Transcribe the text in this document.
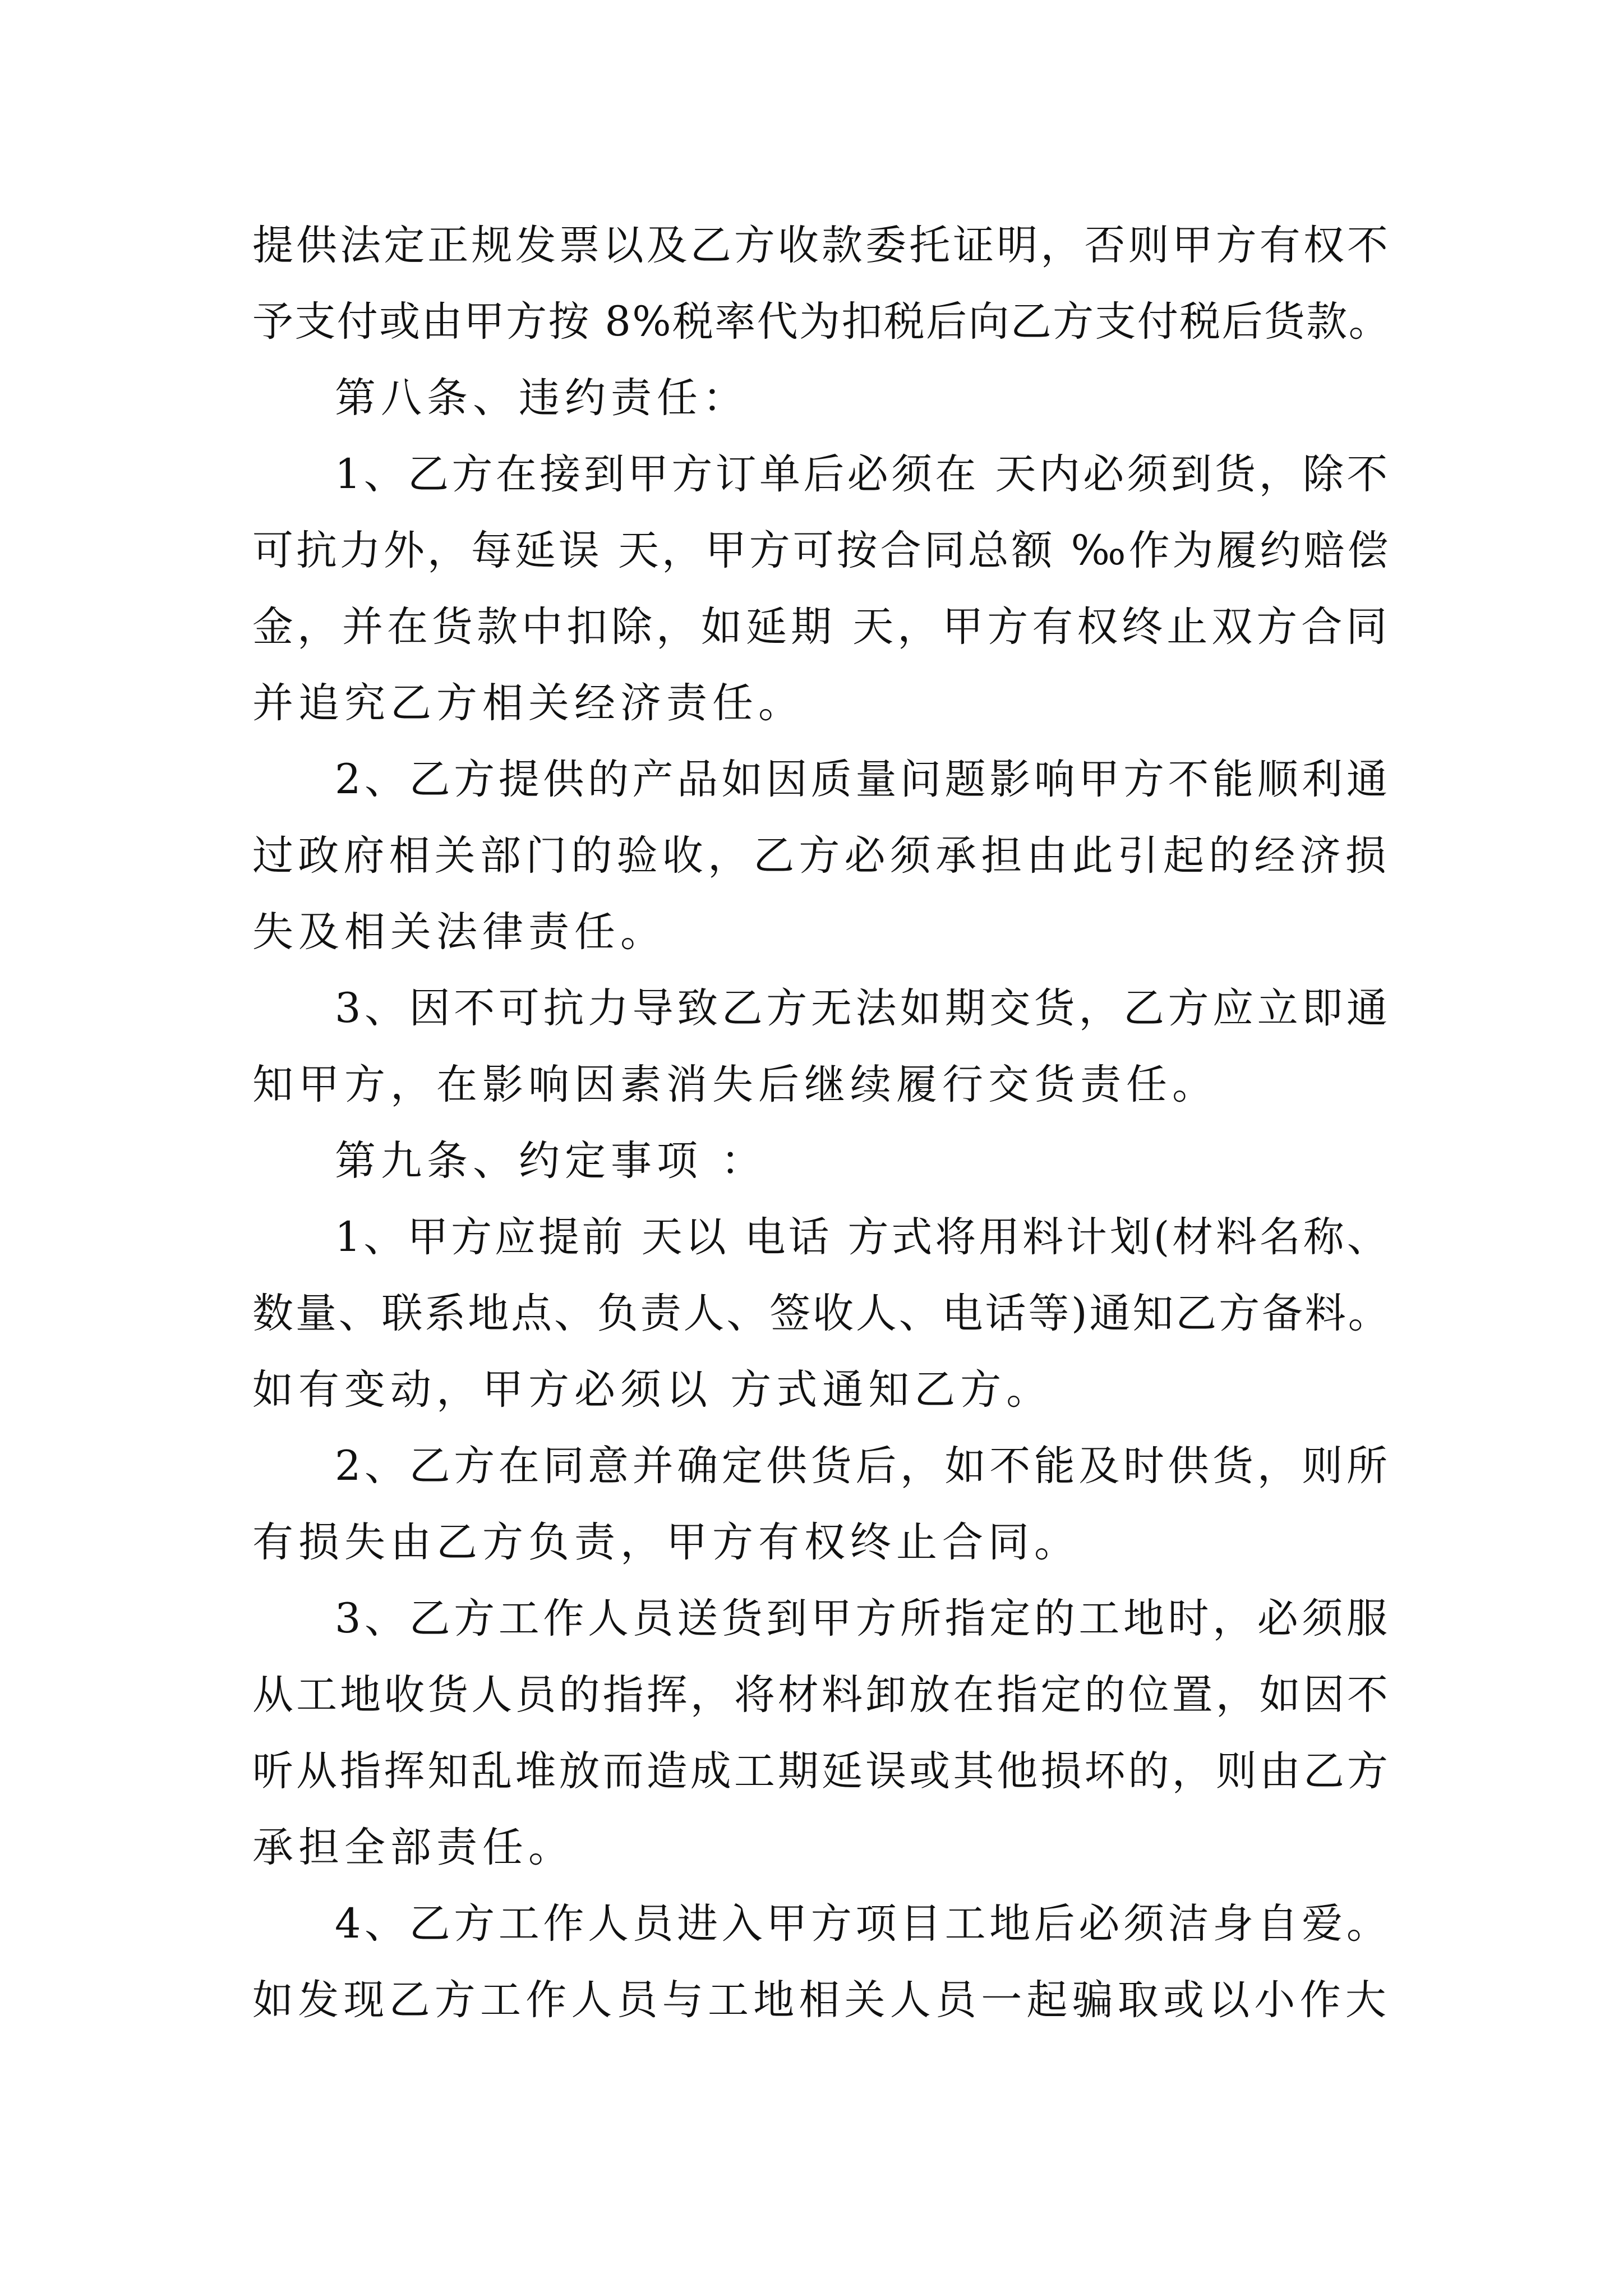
提供法定正规发票以及乙方收款委托证明，否则甲方有权不
予支付或由甲方按 8%税率代为扣税后向乙方支付税后货款。
第八条、违约责任：
1、乙方在接到甲方订单后必须在 天内必须到货，除不
可抗力外，每延误 天，甲方可按合同总额 ‰作为履约赔偿
金，并在货款中扣除，如延期 天，甲方有权终止双方合同
并追究乙方相关经济责任。
2、乙方提供的产品如因质量问题影响甲方不能顺利通
过政府相关部门的验收，乙方必须承担由此引起的经济损
失及相关法律责任。
3、因不可抗力导致乙方无法如期交货，乙方应立即通
知甲方，在影响因素消失后继续履行交货责任。
第九条、约定事项 ：
1、甲方应提前 天以 电话 方式将用料计划(材料名称、
数量、联系地点、负责人、签收人、电话等)通知乙方备料。
如有变动，甲方必须以 方式通知乙方。
2、乙方在同意并确定供货后，如不能及时供货，则所
有损失由乙方负责，甲方有权终止合同。
3、乙方工作人员送货到甲方所指定的工地时，必须服
从工地收货人员的指挥，将材料卸放在指定的位置，如因不
听从指挥知乱堆放而造成工期延误或其他损坏的，则由乙方
承担全部责任。
4、乙方工作人员进入甲方项目工地后必须洁身自爱。
如发现乙方工作人员与工地相关人员一起骗取或以小作大
